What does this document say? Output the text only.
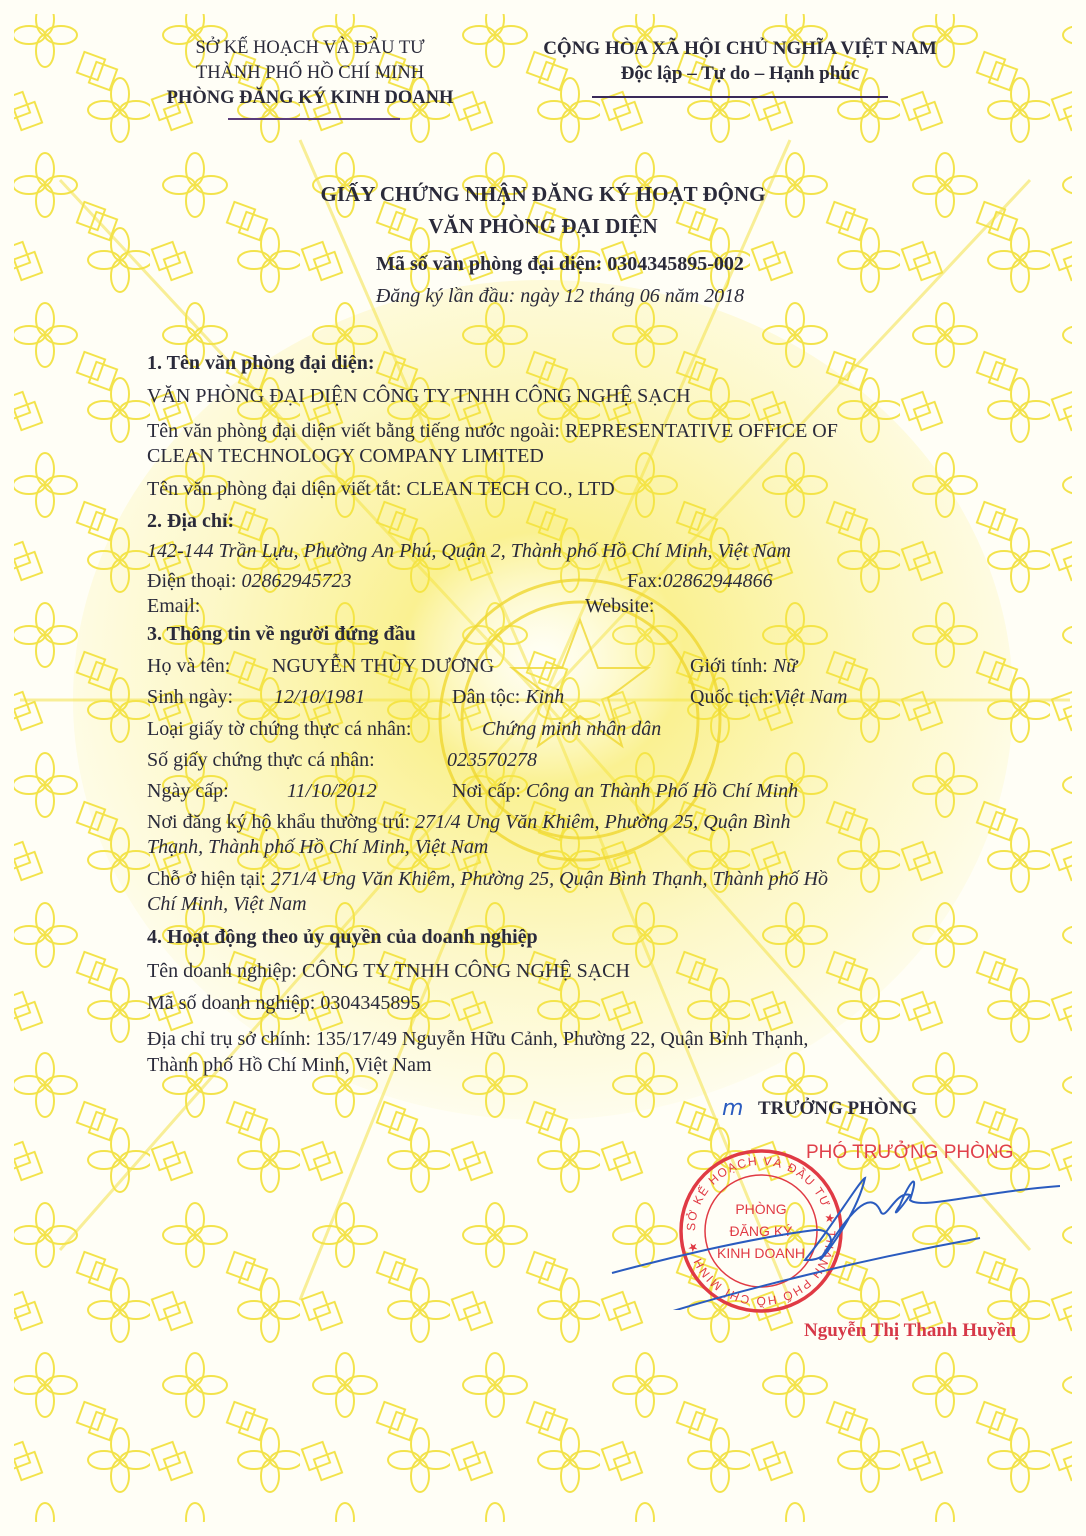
SỞ KẾ HOẠCH VÀ ĐẦU TƯ
THÀNH PHỐ HỒ CHÍ MINH
PHÒNG ĐĂNG KÝ KINH DOANH
CỘNG HÒA XÃ HỘI CHỦ NGHĨA VIỆT NAM
Độc lập – Tự do – Hạnh phúc
GIẤY CHỨNG NHẬN ĐĂNG KÝ HOẠT ĐỘNG
VĂN PHÒNG ĐẠI DIỆN
Mã số văn phòng đại diện: 0304345895-002
Đăng ký lần đầu: ngày 12 tháng 06 năm 2018
1. Tên văn phòng đại diện:
VĂN PHÒNG ĐẠI DIỆN CÔNG TY TNHH CÔNG NGHỆ SẠCH
Tên văn phòng đại diện viết bằng tiếng nước ngoài: REPRESENTATIVE OFFICE OF
CLEAN TECHNOLOGY COMPANY LIMITED
Tên văn phòng đại diện viết tắt: CLEAN TECH CO., LTD
2. Địa chỉ:
142-144 Trần Lựu, Phường An Phú, Quận 2, Thành phố Hồ Chí Minh, Việt Nam
Điện thoại: 02862945723	Fax:02862944866
Email:	Website:
3. Thông tin về người đứng đầu
Họ và tên: NGUYỄN THÙY DƯƠNG	Giới tính: Nữ
Sinh ngày: 12/10/1981	Dân tộc: Kinh	Quốc tịch:Việt Nam
Loại giấy tờ chứng thực cá nhân:	Chứng minh nhân dân
Số giấy chứng thực cá nhân:	023570278
Ngày cấp:	11/10/2012	Nơi cấp: Công an Thành Phố Hồ Chí Minh
Nơi đăng ký hộ khẩu thường trú: 271/4 Ung Văn Khiêm, Phường 25, Quận Bình
Thạnh, Thành phố Hồ Chí Minh, Việt Nam
Chỗ ở hiện tại: 271/4 Ung Văn Khiêm, Phường 25, Quận Bình Thạnh, Thành phố Hồ
Chí Minh, Việt Nam
4. Hoạt động theo ủy quyền của doanh nghiệp
Tên doanh nghiệp: CÔNG TY TNHH CÔNG NGHỆ SẠCH
Mã số doanh nghiệp: 0304345895
Địa chỉ trụ sở chính: 135/17/49 Nguyễn Hữu Cảnh, Phường 22, Quận Bình Thạnh,
Thành phố Hồ Chí Minh, Việt Nam
m TRƯỞNG PHÒNG
PHÓ TRƯỞNG PHÒNG
SỞ KẾ HOẠCH VÀ ĐẦU TƯ ★ THÀNH PHỐ HỒ CHÍ MINH ★
PHÒNG
ĐĂNG KÝ
KINH DOANH
Nguyễn Thị Thanh Huyền
